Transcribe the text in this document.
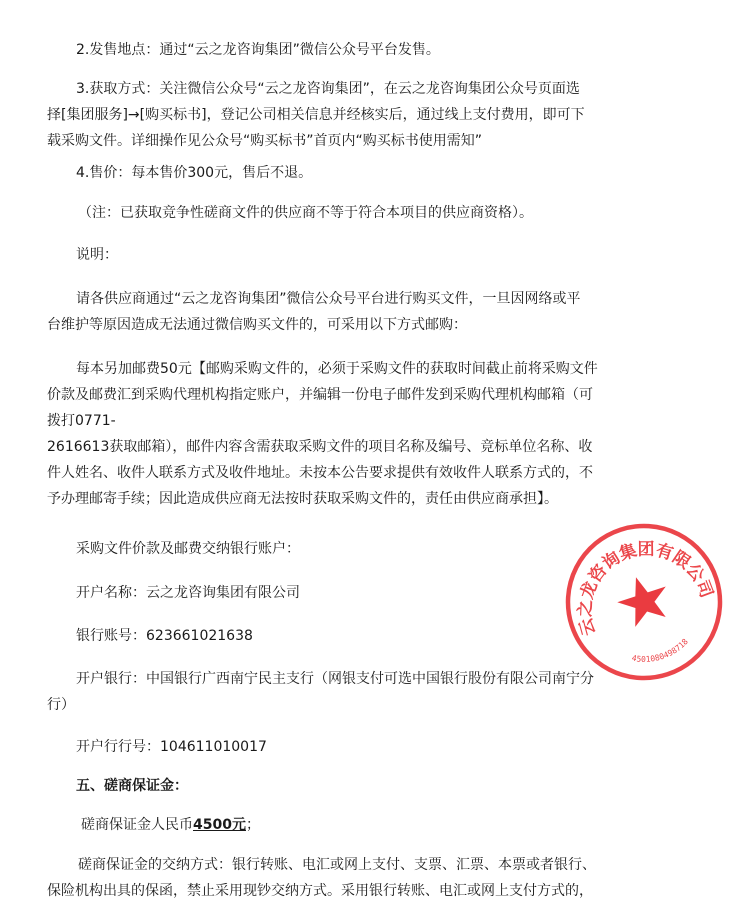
2.发售地点：通过“云之龙咨询集团”微信公众号平台发售。

3.获取方式：关注微信公众号“云之龙咨询集团”，在云之龙咨询集团公众号页面选
择[集团服务]→[购买标书]，登记公司相关信息并经核实后，通过线上支付费用，即可下
载采购文件。详细操作见公众号“购买标书”首页内“购买标书使用需知”

4.售价：每本售价300元，售后不退。

（注：已获取竞争性磋商文件的供应商不等于符合本项目的供应商资格）。

说明：

请各供应商通过“云之龙咨询集团”微信公众号平台进行购买文件，一旦因网络或平
台维护等原因造成无法通过微信购买文件的，可采用以下方式邮购：

每本另加邮费50元【邮购采购文件的，必须于采购文件的获取时间截止前将采购文件
价款及邮费汇到采购代理机构指定账户，并编辑一份电子邮件发到采购代理机构邮箱（可
拨打0771-
2616613获取邮箱），邮件内容含需获取采购文件的项目名称及编号、竞标单位名称、收
件人姓名、收件人联系方式及收件地址。未按本公告要求提供有效收件人联系方式的，不
予办理邮寄手续；因此造成供应商无法按时获取采购文件的，责任由供应商承担】。

采购文件价款及邮费交纳银行账户：

开户名称：云之龙咨询集团有限公司

银行账号：623661021638

开户银行：中国银行广西南宁民主支行（网银支付可选中国银行股份有限公司南宁分
行）

开户行行号：104611010017

五、磋商保证金：

磋商保证金人民币4500元；

磋商保证金的交纳方式：银行转账、电汇或网上支付、支票、汇票、本票或者银行、
保险机构出具的保函，禁止采用现钞交纳方式。采用银行转账、电汇或网上支付方式的，

云之龙咨询集团有限公司
4501080498718
